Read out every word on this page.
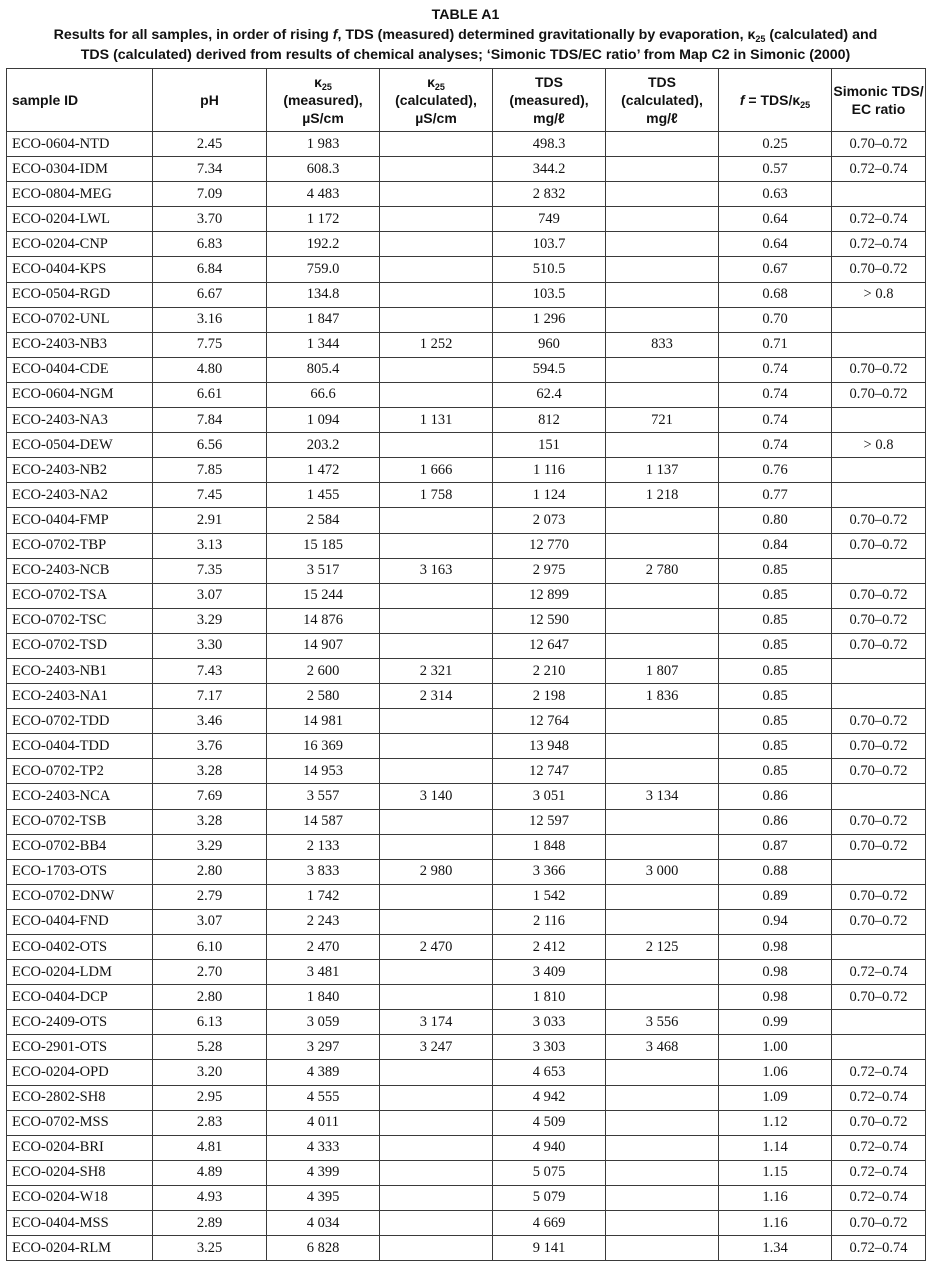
TABLE A1
Results for all samples, in order of rising f, TDS (measured) determined gravitationally by evaporation, $\kappa_{25}$ (calculated) and
TDS (calculated) derived from results of chemical analyses; ‘Simonic TDS/EC ratio’ from Map C2 in Simonic (2000)
sample ID	pH	$\kappa_{25}$
(measured),
µS/cm	$\kappa_{25}$
(calculated),
µS/cm	TDS
(measured),
mg/ℓ	TDS
(calculated),
mg/ℓ	f = TDS/$\kappa_{25}$	Simonic TDS/
EC ratio

ECO-0604-NTD	2.45	1 983		498.3		0.25	0.70–0.72
ECO-0304-IDM	7.34	608.3		344.2		0.57	0.72–0.74
ECO-0804-MEG	7.09	4 483		2 832		0.63	
ECO-0204-LWL	3.70	1 172		749		0.64	0.72–0.74
ECO-0204-CNP	6.83	192.2		103.7		0.64	0.72–0.74
ECO-0404-KPS	6.84	759.0		510.5		0.67	0.70–0.72
ECO-0504-RGD	6.67	134.8		103.5		0.68	> 0.8
ECO-0702-UNL	3.16	1 847		1 296		0.70	
ECO-2403-NB3	7.75	1 344	1 252	960	833	0.71	
ECO-0404-CDE	4.80	805.4		594.5		0.74	0.70–0.72
ECO-0604-NGM	6.61	66.6		62.4		0.74	0.70–0.72
ECO-2403-NA3	7.84	1 094	1 131	812	721	0.74	
ECO-0504-DEW	6.56	203.2		151		0.74	> 0.8
ECO-2403-NB2	7.85	1 472	1 666	1 116	1 137	0.76	
ECO-2403-NA2	7.45	1 455	1 758	1 124	1 218	0.77	
ECO-0404-FMP	2.91	2 584		2 073		0.80	0.70–0.72
ECO-0702-TBP	3.13	15 185		12 770		0.84	0.70–0.72
ECO-2403-NCB	7.35	3 517	3 163	2 975	2 780	0.85	
ECO-0702-TSA	3.07	15 244		12 899		0.85	0.70–0.72
ECO-0702-TSC	3.29	14 876		12 590		0.85	0.70–0.72
ECO-0702-TSD	3.30	14 907		12 647		0.85	0.70–0.72
ECO-2403-NB1	7.43	2 600	2 321	2 210	1 807	0.85	
ECO-2403-NA1	7.17	2 580	2 314	2 198	1 836	0.85	
ECO-0702-TDD	3.46	14 981		12 764		0.85	0.70–0.72
ECO-0404-TDD	3.76	16 369		13 948		0.85	0.70–0.72
ECO-0702-TP2	3.28	14 953		12 747		0.85	0.70–0.72
ECO-2403-NCA	7.69	3 557	3 140	3 051	3 134	0.86	
ECO-0702-TSB	3.28	14 587		12 597		0.86	0.70–0.72
ECO-0702-BB4	3.29	2 133		1 848		0.87	0.70–0.72
ECO-1703-OTS	2.80	3 833	2 980	3 366	3 000	0.88	
ECO-0702-DNW	2.79	1 742		1 542		0.89	0.70–0.72
ECO-0404-FND	3.07	2 243		2 116		0.94	0.70–0.72
ECO-0402-OTS	6.10	2 470	2 470	2 412	2 125	0.98	
ECO-0204-LDM	2.70	3 481		3 409		0.98	0.72–0.74
ECO-0404-DCP	2.80	1 840		1 810		0.98	0.70–0.72
ECO-2409-OTS	6.13	3 059	3 174	3 033	3 556	0.99	
ECO-2901-OTS	5.28	3 297	3 247	3 303	3 468	1.00	
ECO-0204-OPD	3.20	4 389		4 653		1.06	0.72–0.74
ECO-2802-SH8	2.95	4 555		4 942		1.09	0.72–0.74
ECO-0702-MSS	2.83	4 011		4 509		1.12	0.70–0.72
ECO-0204-BRI	4.81	4 333		4 940		1.14	0.72–0.74
ECO-0204-SH8	4.89	4 399		5 075		1.15	0.72–0.74
ECO-0204-W18	4.93	4 395		5 079		1.16	0.72–0.74
ECO-0404-MSS	2.89	4 034		4 669		1.16	0.70–0.72
ECO-0204-RLM	3.25	6 828		9 141		1.34	0.72–0.74
